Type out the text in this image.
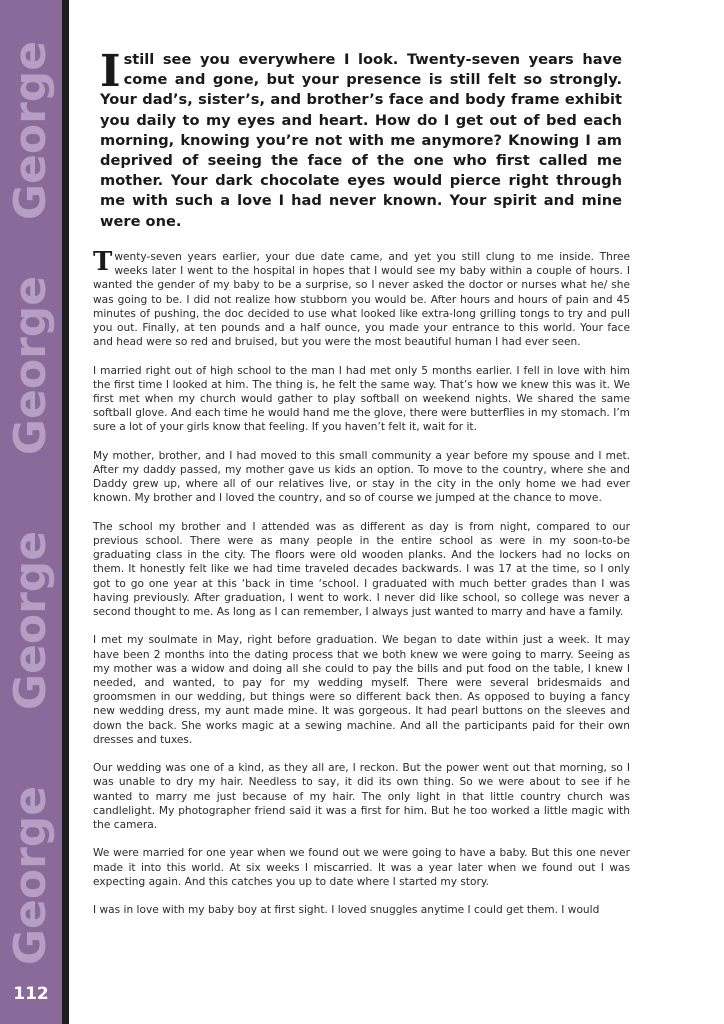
George
George
George
George
112
Istill see you everywhere I look. Twenty-seven years have come and gone, but your presence is still felt so strongly. Your dad’s, sister’s, and brother’s face and body frame exhibit you daily to my eyes and heart. How do I get out of bed each morning, knowing you’re not with me anymore? Knowing I am deprived of seeing the face of the one who first called me mother. Your dark chocolate eyes would pierce right through me with such a love I had never known. Your spirit and mine were one.

Twenty-seven years earlier, your due date came, and yet you still clung to me inside. Three weeks later I went to the hospital in hopes that I would see my baby within a couple of hours. I wanted the gender of my baby to be a surprise, so I never asked the doctor or nurses what he/ she was going to be. I did not realize how stubborn you would be. After hours and hours of pain and 45 minutes of pushing, the doc decided to use what looked like extra-long grilling tongs to try and pull you out. Finally, at ten pounds and a half ounce, you made your entrance to this world. Your face and head were so red and bruised, but you were the most beautiful human I had ever seen.

I married right out of high school to the man I had met only 5 months earlier. I fell in love with him the first time I looked at him. The thing is, he felt the same way. That’s how we knew this was it. We first met when my church would gather to play softball on weekend nights. We shared the same softball glove. And each time he would hand me the glove, there were butterflies in my stomach. I’m sure a lot of your girls know that feeling. If you haven’t felt it, wait for it.

My mother, brother, and I had moved to this small community a year before my spouse and I met. After my daddy passed, my mother gave us kids an option. To move to the country, where she and Daddy grew up, where all of our relatives live, or stay in the city in the only home we had ever known. My brother and I loved the country, and so of course we jumped at the chance to move.

The school my brother and I attended was as different as day is from night, compared to our previous school. There were as many people in the entire school as were in my soon-to-be graduating class in the city. The floors were old wooden planks. And the lockers had no locks on them. It honestly felt like we had time traveled decades backwards. I was 17 at the time, so I only got to go one year at this ‘back in time ‘school. I graduated with much better grades than I was having previously. After graduation, I went to work. I never did like school, so college was never a second thought to me. As long as I can remember, I always just wanted to marry and have a family.

I met my soulmate in May, right before graduation. We began to date within just a week. It may have been 2 months into the dating process that we both knew we were going to marry. Seeing as my mother was a widow and doing all she could to pay the bills and put food on the table, I knew I needed, and wanted, to pay for my wedding myself. There were several bridesmaids and groomsmen in our wedding, but things were so different back then. As opposed to buying a fancy new wedding dress, my aunt made mine. It was gorgeous. It had pearl buttons on the sleeves and down the back. She works magic at a sewing machine. And all the participants paid for their own dresses and tuxes.

Our wedding was one of a kind, as they all are, I reckon. But the power went out that morning, so I was unable to dry my hair. Needless to say, it did its own thing. So we were about to see if he wanted to marry me just because of my hair. The only light in that little country church was candlelight. My photographer friend said it was a first for him. But he too worked a little magic with the camera.

We were married for one year when we found out we were going to have a baby. But this one never made it into this world. At six weeks I miscarried. It was a year later when we found out I was expecting again. And this catches you up to date where I started my story.

I was in love with my baby boy at first sight. I loved snuggles anytime I could get them. I would
